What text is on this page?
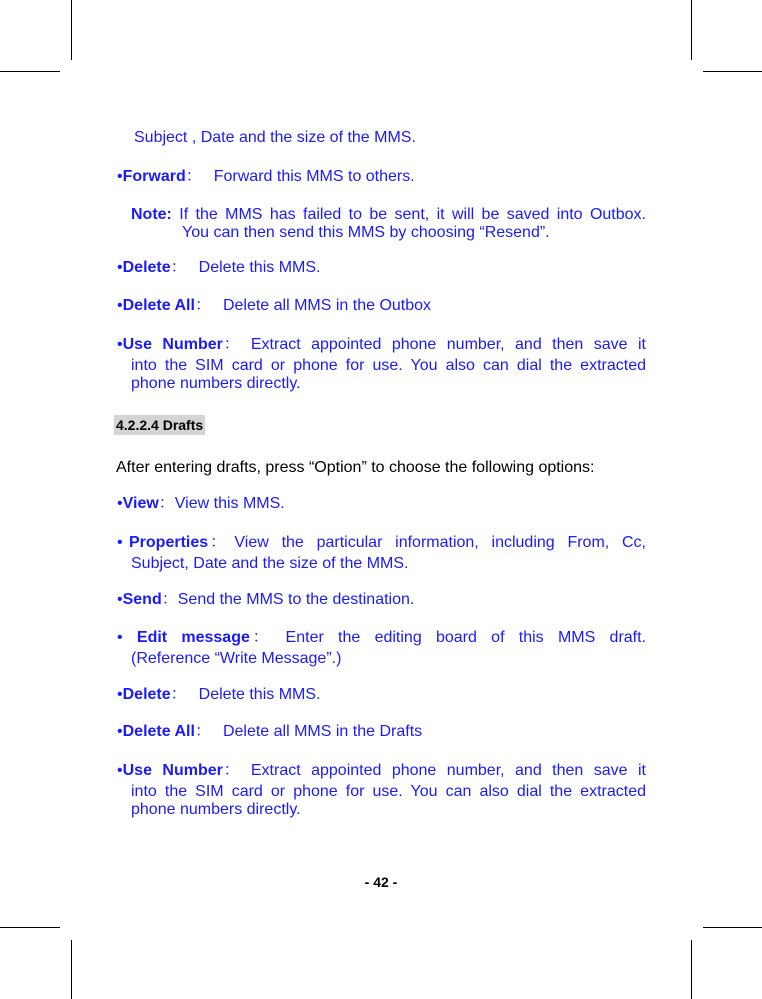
Subject , Date and the size of the MMS.
•Forward： Forward this MMS to others.
Note: If the MMS has failed to be sent, it will be saved into Outbox.
You can then send this MMS by choosing “Resend”.
•Delete： Delete this MMS.
•Delete All： Delete all MMS in the Outbox
•Use  Number： Extract  appointed  phone  number,  and  then  save  it
into the SIM card or phone for use. You also can dial the extracted
phone numbers directly.
4.2.2.4 Drafts
After entering drafts, press “Option” to choose the following options:
•View：View this MMS.
• Properties： View  the  particular  information,  including  From,  Cc,
Subject, Date and the size of the MMS.
•Send：Send the MMS to the destination.
• Edit  message： Enter  the  editing  board  of  this  MMS  draft.
(Reference “Write Message”.)
•Delete： Delete this MMS.
•Delete All： Delete all MMS in the Drafts
•Use  Number： Extract  appointed  phone  number,  and  then  save  it
into the SIM card or phone for use. You can also dial the extracted
phone numbers directly.
- 42 -
